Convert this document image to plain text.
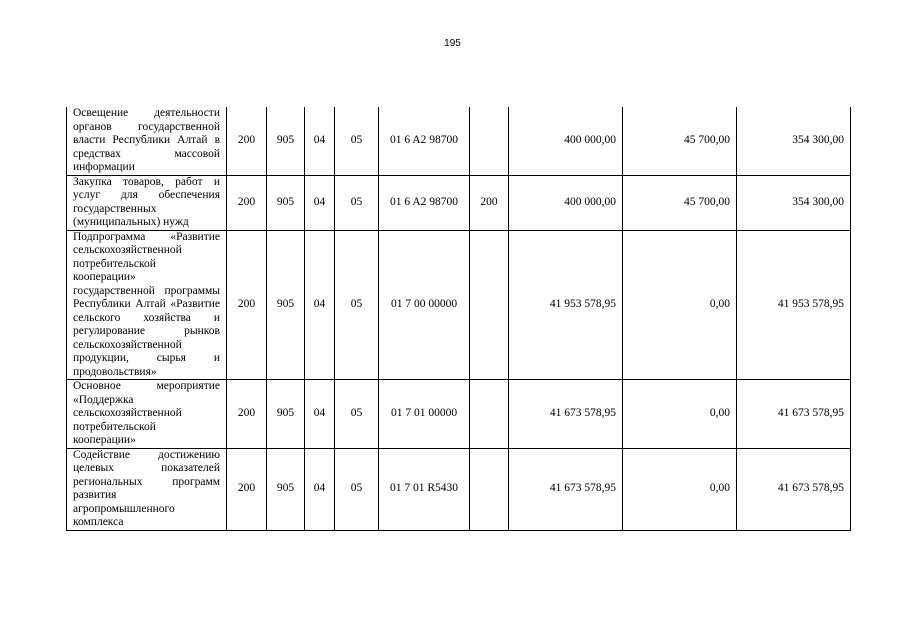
195
Освещение деятельности органов государственной власти Республики Алтай в средствах массовой информации	200	905	04	05	01 6 A2 98700		400 000,00	45 700,00	354 300,00

Закупка товаров, работ и услуг для обеспечения государственных (муниципальных) нужд	200	905	04	05	01 6 A2 98700	200	400 000,00	45 700,00	354 300,00

Подпрограмма «Развитие сельскохозяйственной потребительской кооперации» государственной программы Республики Алтай «Развитие сельского хозяйства и регулирование рынков сельскохозяйственной продукции, сырья и продовольствия»	200	905	04	05	01 7 00 00000		41 953 578,95	0,00	41 953 578,95

Основное мероприятие «Поддержка сельскохозяйственной потребительской кооперации»	200	905	04	05	01 7 01 00000		41 673 578,95	0,00	41 673 578,95

Содействие достижению целевых показателей региональных программ развития агропромышленного комплекса	200	905	04	05	01 7 01 R5430		41 673 578,95	0,00	41 673 578,95
